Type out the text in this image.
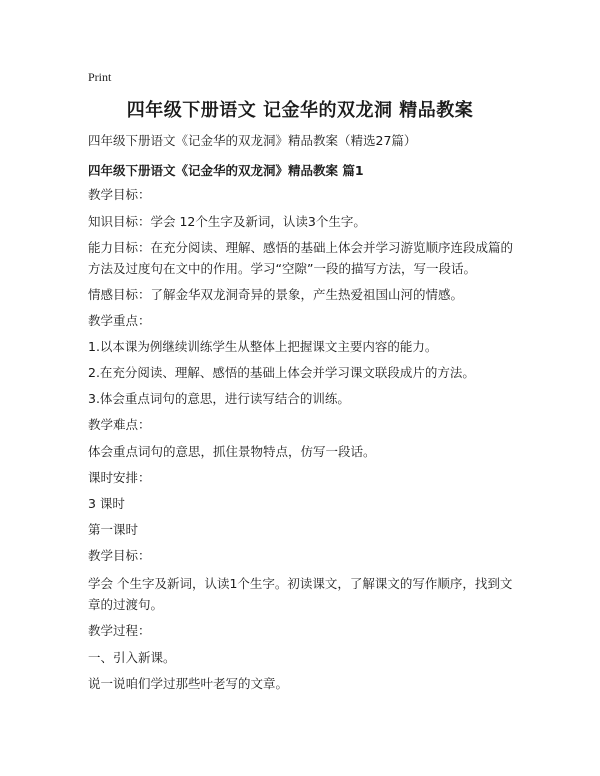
Print
四年级下册语文 记金华的双龙洞 精品教案
四年级下册语文《记金华的双龙洞》精品教案（精选27篇）
四年级下册语文《记金华的双龙洞》精品教案 篇1
教学目标：
知识目标：学会 12个生字及新词，认读3个生字。
能力目标：在充分阅读、理解、感悟的基础上体会并学习游览顺序连段成篇的方法及过度句在文中的作用。学习“空隙”一段的描写方法，写一段话。
情感目标：了解金华双龙洞奇异的景象，产生热爱祖国山河的情感。
教学重点：
1.以本课为例继续训练学生从整体上把握课文主要内容的能力。
2.在充分阅读、理解、感悟的基础上体会并学习课文联段成片的方法。
3.体会重点词句的意思，进行读写结合的训练。
教学难点：
体会重点词句的意思，抓住景物特点，仿写一段话。
课时安排：
3 课时
第一课时
教学目标：
学会 个生字及新词，认读1个生字。初读课文，了解课文的写作顺序，找到文章的过渡句。
教学过程：
一、引入新课。
说一说咱们学过那些叶老写的文章。
